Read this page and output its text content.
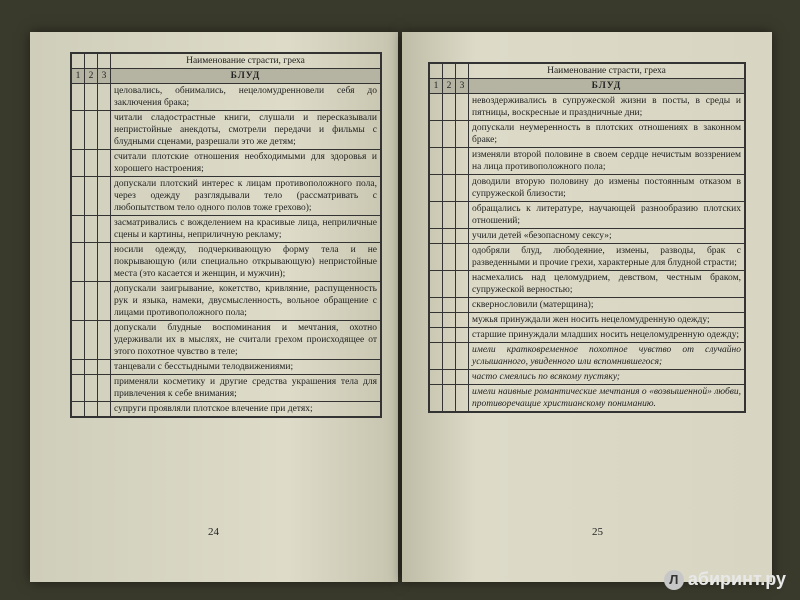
			Наименование страсти, греха
1	2	3	БЛУД
			целовались, обнимались, нецеломудренновели себя до заключения брака;
			читали сладострастные книги, слушали и пересказывали непристойные анекдоты, смотрели передачи и фильмы с блудными сценами, разрешали это же детям;
			считали плотские отношения необходимыми для здоровья и хорошего настроения;
			допускали плотский интерес к лицам противоположного пола, через одежду разглядывали тело (рассматривать с любопытством тело одного полов тоже грехово);
			засматривались с вожделением на красивые лица, неприличные сцены и картины, неприличную рекламу;
			носили одежду, подчеркивающую форму тела и не покрывающую (или специально открывающую) непристойные места (это касается и женщин, и мужчин);
			допускали заигрывание, кокетство, кривляние, распущенность рук и языка, намеки, двусмысленность, вольное обращение с лицами противоположного пола;
			допускали блудные воспоминания и мечтания, охотно удерживали их в мыслях, не считали грехом происходящее от этого похотное чувство в теле;
			танцевали с бесстыдными телодвижениями;
			применяли косметику и другие средства украшения тела для привлечения к себе внимания;
			супруги проявляли плотское влечение при детях;
24
			Наименование страсти, греха
1	2	3	БЛУД
			невоздерживались в супружеской жизни в посты, в среды и пятницы, воскресные и праздничные дни;
			допускали неумеренность в плотских отношениях в законном браке;
			изменяли второй половине в своем сердце нечистым воззрением на лица противоположного пола;
			доводили вторую половину до измены постоянным отказом в супружеской близости;
			обращались к литературе, научающей разнообразию плотских отношений;
			учили детей «безопасному сексу»;
			одобряли блуд, любодеяние, измены, разводы, брак с разведенными и прочие грехи, характерные для блудной страсти;
			насмехались над целомудрием, девством, честным браком, супружеской верностью;
			сквернословили (матерщина);
			мужья принуждали жен носить нецеломудренную одежду;
			старшие принуждали младших носить нецеломудренную одежду;
			имели кратковременное похотное чувство от случайно услышанного, увиденного или вспомнившегося;
			часто смеялись по всякому пустяку;
			имели наивные романтические мечтания о «возвышенной» любви, противоречащие христианскому пониманию.
25
Л абиринт.ру
